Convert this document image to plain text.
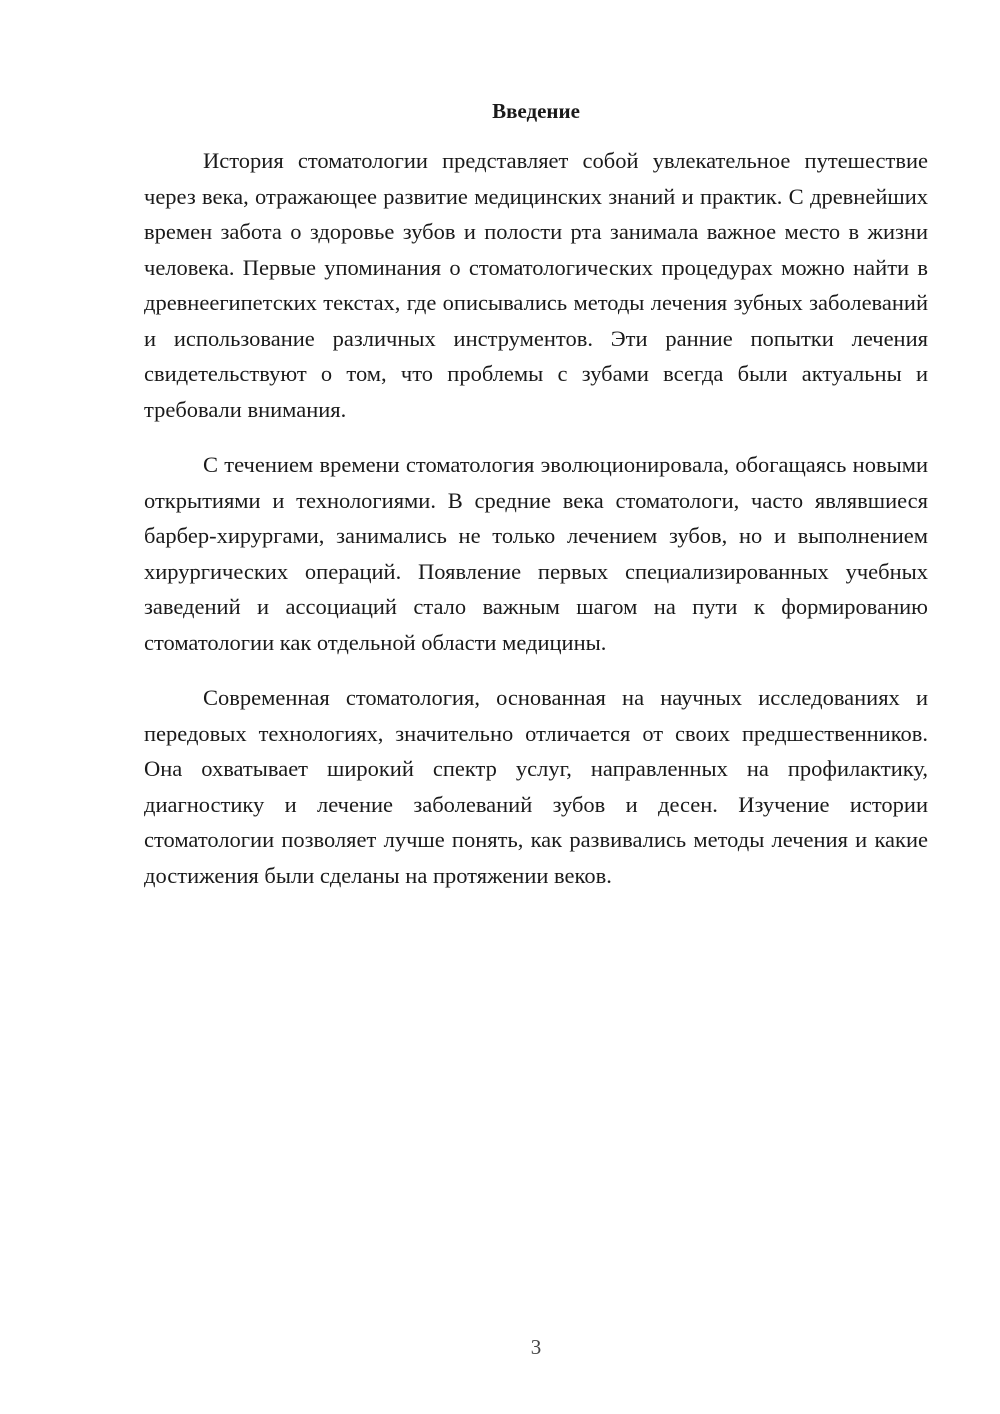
Введение

История стоматологии представляет собой увлекательное путешествие через века, отражающее развитие медицинских знаний и практик. С древнейших времен забота о здоровье зубов и полости рта занимала важное место в жизни человека. Первые упоминания о стоматологических процедурах можно найти в древнеегипетских текстах, где описывались методы лечения зубных заболеваний и использование различных инструментов. Эти ранние попытки лечения свидетельствуют о том, что проблемы с зубами всегда были актуальны и требовали внимания.

С течением времени стоматология эволюционировала, обогащаясь новыми открытиями и технологиями. В средние века стоматологи, часто являвшиеся барбер-хирургами, занимались не только лечением зубов, но и выполнением хирургических операций. Появление первых специализированных учебных заведений и ассоциаций стало важным шагом на пути к формированию стоматологии как отдельной области медицины.

Современная стоматология, основанная на научных исследованиях и передовых технологиях, значительно отличается от своих предшественников. Она охватывает широкий спектр услуг, направленных на профилактику, диагностику и лечение заболеваний зубов и десен. Изучение истории стоматологии позволяет лучше понять, как развивались методы лечения и какие достижения были сделаны на протяжении веков.

3
